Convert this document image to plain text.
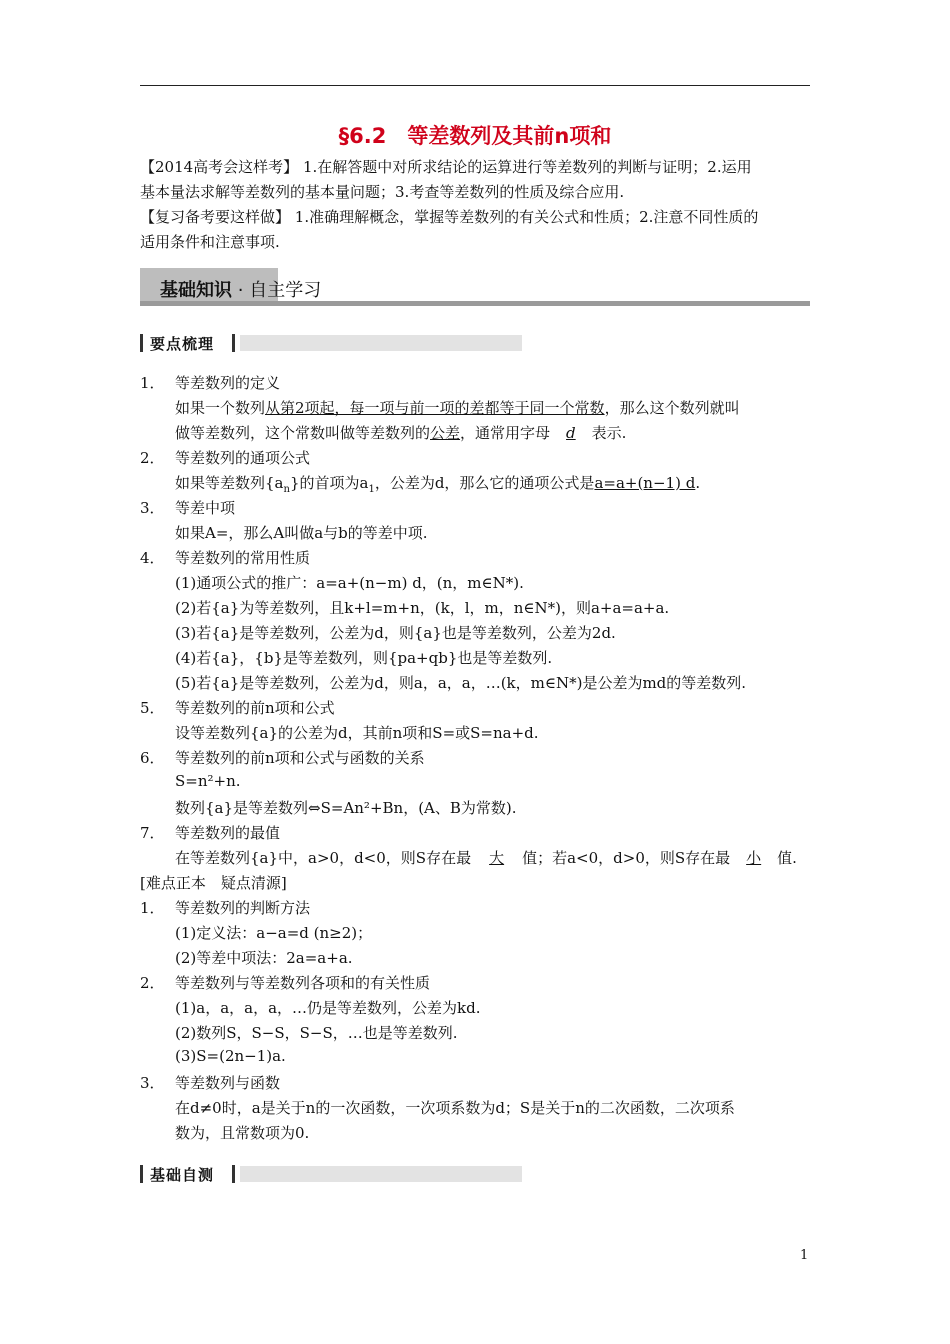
§6.2　等差数列及其前n项和
【2014高考会这样考】 1.在解答题中对所求结论的运算进行等差数列的判断与证明；2.运用
基本量法求解等差数列的基本量问题；3.考查等差数列的性质及综合应用.
【复习备考要这样做】 1.准确理解概念，掌握等差数列的有关公式和性质；2.注意不同性质的
适用条件和注意事项.
基础知识 · 自主学习
要点梳理
1． 等差数列的定义
如果一个数列从第2项起，每一项与前一项的差都等于同一个常数，那么这个数列就叫
做等差数列，这个常数叫做等差数列的公差，通常用字母 d 表示.
2． 等差数列的通项公式
如果等差数列$\{a_n\}$的首项为$a_1$，公差为d，那么它的通项公式是a=a+(n−1) d.
3． 等差中项
如果A=，那么A叫做a与b的等差中项.
4． 等差数列的常用性质
(1)通项公式的推广：a=a+(n−m) d，(n，m∈N*).
(2)若{a}为等差数列，且k+l=m+n，(k，l，m，n∈N*)，则a+a=a+a.
(3)若{a}是等差数列，公差为d，则{a}也是等差数列，公差为2d.
(4)若{a}，{b}是等差数列，则{pa+qb}也是等差数列.
(5)若{a}是等差数列，公差为d，则a，a，a，…(k，m∈N*)是公差为md的等差数列.
5． 等差数列的前n项和公式
设等差数列{a}的公差为d，其前n项和S=或S=na+d.
6． 等差数列的前n项和公式与函数的关系
S=n²+n.
数列{a}是等差数列⇔S=An²+Bn，(A、B为常数).
7． 等差数列的最值
在等差数列{a}中，a>0，d<0，则S存在最 大 值；若a<0，d>0，则S存在最 小 值.
[难点正本　疑点清源]
1． 等差数列的判断方法
(1)定义法：a−a=d (n≥2)；
(2)等差中项法：2a=a+a.
2． 等差数列与等差数列各项和的有关性质
(1)a，a，a，a，…仍是等差数列，公差为kd.
(2)数列S，S−S，S−S，…也是等差数列.
(3)S=(2n−1)a.
3． 等差数列与函数
在d≠0时，a是关于n的一次函数，一次项系数为d；S是关于n的二次函数，二次项系
数为，且常数项为0.
基础自测
1
